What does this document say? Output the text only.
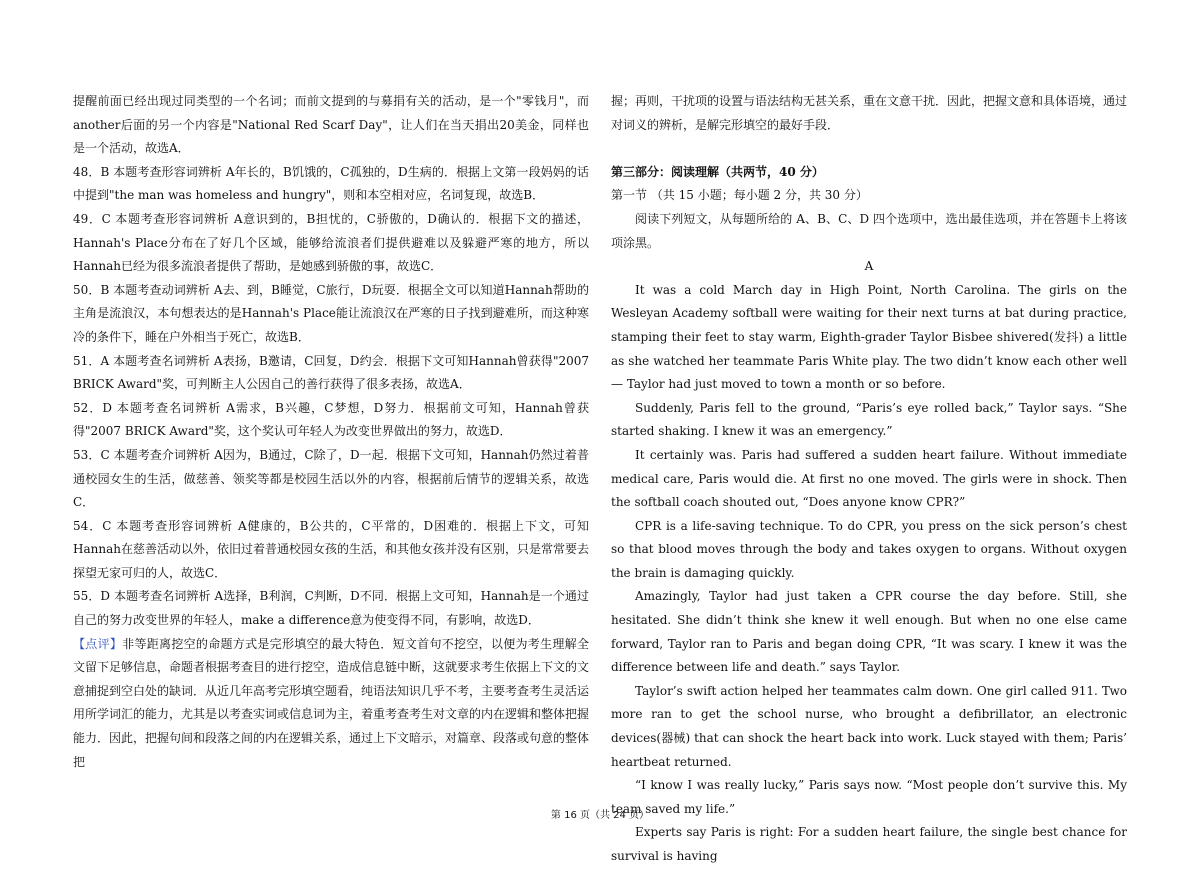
提醒前面已经出现过同类型的一个名词；而前文提到的与募捐有关的活动，是一个"零钱月"，而another后面的另一个内容是"National Red Scarf Day"，让人们在当天捐出20美金，同样也是一个活动，故选A．

48．B 本题考查形容词辨析 A年长的，B饥饿的，C孤独的，D生病的．根据上文第一段妈妈的话中提到"the man was homeless and hungry"，则和本空相对应，名词复现，故选B．

49．C 本题考查形容词辨析 A意识到的，B担忧的，C骄傲的，D确认的．根据下文的描述，Hannah's Place分布在了好几个区域，能够给流浪者们提供避难以及躲避严寒的地方，所以Hannah已经为很多流浪者提供了帮助，是她感到骄傲的事，故选C．

50．B 本题考查动词辨析 A去、到，B睡觉，C旅行，D玩耍．根据全文可以知道Hannah帮助的主角是流浪汉，本句想表达的是Hannah's Place能让流浪汉在严寒的日子找到避难所，而这种寒冷的条件下，睡在户外相当于死亡，故选B．

51．A 本题考查名词辨析 A表扬，B邀请，C回复，D约会．根据下文可知Hannah曾获得"2007 BRICK Award"奖，可判断主人公因自己的善行获得了很多表扬，故选A．

52．D 本题考查名词辨析 A需求，B兴趣，C梦想，D努力．根据前文可知，Hannah曾获得"2007 BRICK Award"奖，这个奖认可年轻人为改变世界做出的努力，故选D．

53．C 本题考查介词辨析 A因为，B通过，C除了，D一起．根据下文可知，Hannah仍然过着普通校园女生的生活，做慈善、领奖等都是校园生活以外的内容，根据前后情节的逻辑关系，故选C．

54．C 本题考查形容词辨析 A健康的，B公共的，C平常的，D困难的．根据上下文，可知Hannah在慈善活动以外，依旧过着普通校园女孩的生活，和其他女孩并没有区别，只是常常要去探望无家可归的人，故选C．

55．D 本题考查名词辨析 A选择，B利润，C判断，D不同．根据上文可知，Hannah是一个通过自己的努力改变世界的年轻人，make a difference意为使变得不同，有影响，故选D．

【点评】非等距离挖空的命题方式是完形填空的最大特色．短文首句不挖空，以便为考生理解全文留下足够信息，命题者根据考查目的进行挖空，造成信息链中断，这就要求考生依据上下文的文意捕捉到空白处的缺词．从近几年高考完形填空题看，纯语法知识几乎不考，主要考查考生灵活运用所学词汇的能力，尤其是以考查实词或信息词为主，着重考查考生对文章的内在逻辑和整体把握能力．因此，把握句间和段落之间的内在逻辑关系，通过上下文暗示，对篇章、段落或句意的整体把

握；再则，干扰项的设置与语法结构无甚关系，重在文意干扰．因此，把握文意和具体语境，通过对词义的辨析，是解完形填空的最好手段．

第三部分：阅读理解（共两节，40 分）

第一节 （共 15 小题；每小题 2 分，共 30 分）

阅读下列短文，从每题所给的 A、B、C、D 四个选项中，选出最佳选项，并在答题卡上将该项涂黑。

A

It was a cold March day in High Point, North Carolina. The girls on the Wesleyan Academy softball were waiting for their next turns at bat during practice, stamping their feet to stay warm, Eighth-grader Taylor Bisbee shivered(发抖) a little as she watched her teammate Paris White play. The two didn’t know each other well — Taylor had just moved to town a month or so before.

Suddenly, Paris fell to the ground, “Paris’s eye rolled back,” Taylor says. “She started shaking. I knew it was an emergency.”

It certainly was. Paris had suffered a sudden heart failure. Without immediate medical care, Paris would die. At first no one moved. The girls were in shock. Then the softball coach shouted out, “Does anyone know CPR?”

CPR is a life-saving technique. To do CPR, you press on the sick person’s chest so that blood moves through the body and takes oxygen to organs. Without oxygen the brain is damaging quickly.

Amazingly, Taylor had just taken a CPR course the day before. Still, she hesitated. She didn’t think she knew it well enough. But when no one else came forward, Taylor ran to Paris and began doing CPR, “It was scary. I knew it was the difference between life and death.” says Taylor.

Taylor’s swift action helped her teammates calm down. One girl called 911. Two more ran to get the school nurse, who brought a defibrillator, an electronic devices(器械) that can shock the heart back into work. Luck stayed with them; Paris’ heartbeat returned.

“I know I was really lucky,” Paris says now. “Most people don’t survive this. My team saved my life.”

Experts say Paris is right: For a sudden heart failure, the single best chance for survival is having

第 16 页（共 24 页）
